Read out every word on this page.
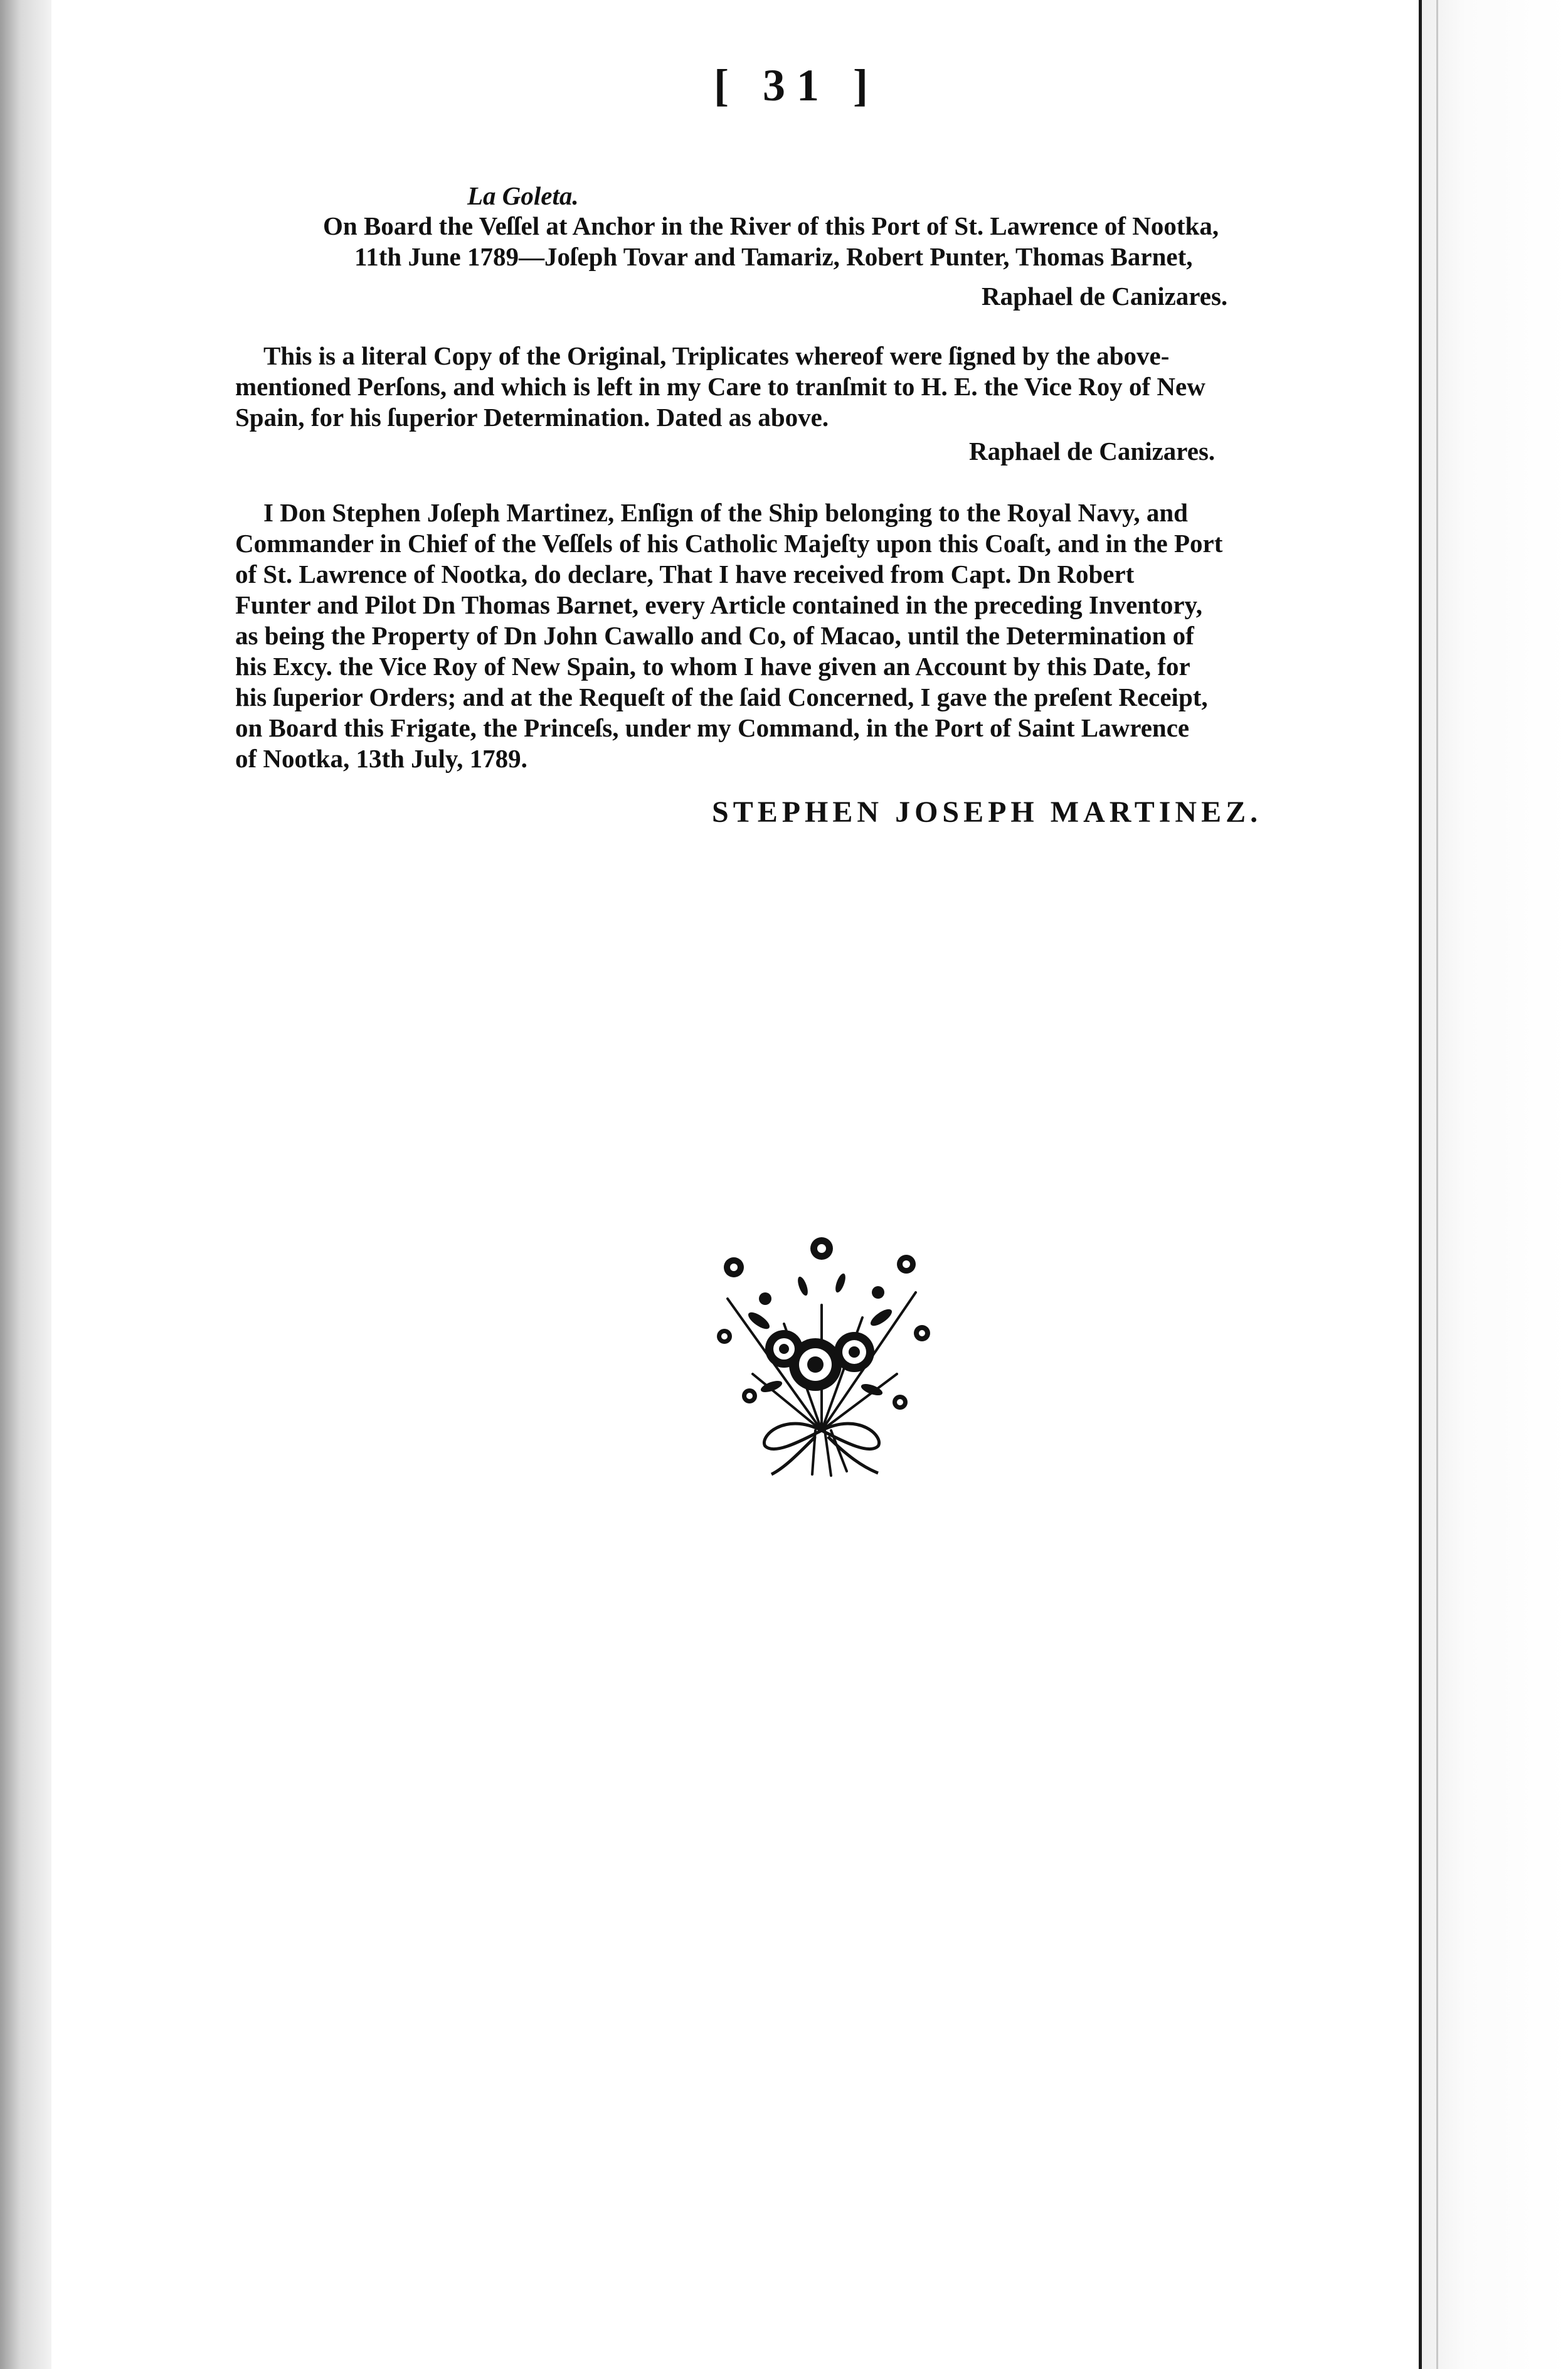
[ 31 ]
La Goleta.
On Board the Veſſel at Anchor in the River of this Port of St. Lawrence of Nootka,
11th June 1789—Joſeph Tovar and Tamariz, Robert Punter, Thomas Barnet,
Raphael de Canizares.
This is a literal Copy of the Original, Triplicates whereof were ſigned by the above-
mentioned Perſons, and which is left in my Care to tranſmit to H. E. the Vice Roy of New
Spain, for his ſuperior Determination. Dated as above.
Raphael de Canizares.
I Don Stephen Joſeph Martinez, Enſign of the Ship belonging to the Royal Navy, and
Commander in Chief of the Veſſels of his Catholic Majeſty upon this Coaſt, and in the Port
of St. Lawrence of Nootka, do declare, That I have received from Capt. Dn Robert
Funter and Pilot Dn Thomas Barnet, every Article contained in the preceding Inventory,
as being the Property of Dn John Cawallo and Co, of Macao, until the Determination of
his Excy. the Vice Roy of New Spain, to whom I have given an Account by this Date, for
his ſuperior Orders; and at the Requeſt of the ſaid Concerned, I gave the preſent Receipt,
on Board this Frigate, the Princeſs, under my Command, in the Port of Saint Lawrence
of Nootka, 13th July, 1789.
STEPHEN JOSEPH MARTINEZ.
